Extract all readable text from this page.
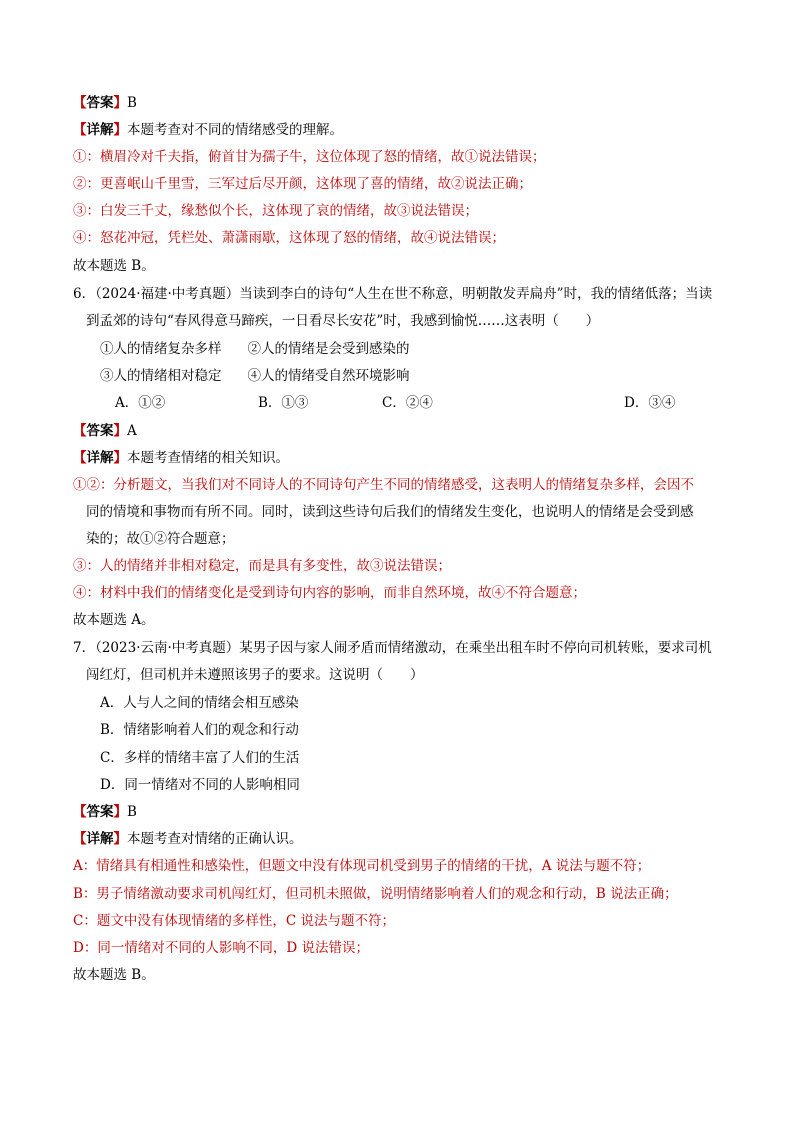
【答案】B
【详解】本题考查对不同的情绪感受的理解。
①：横眉冷对千夫指，俯首甘为孺子牛，这位体现了怒的情绪，故①说法错误；
②：更喜岷山千里雪，三军过后尽开颜，这体现了喜的情绪，故②说法正确；
③：白发三千丈，缘愁似个长，这体现了哀的情绪，故③说法错误；
④：怒花冲冠，凭栏处、萧潇雨歇，这体现了怒的情绪，故④说法错误；
故本题选 B。
6．（2024·福建·中考真题）当读到李白的诗句“人生在世不称意，明朝散发弄扁舟”时，我的情绪低落；当读
到孟郊的诗句“春风得意马蹄疾，一日看尽长安花”时，我感到愉悦……这表明（　　）
①人的情绪复杂多样 ②人的情绪是会受到感染的
③人的情绪相对稳定 ④人的情绪受自然环境影响
A．①②	B．①③	C．②④	D．③④
【答案】A
【详解】本题考查情绪的相关知识。
①②：分析题文，当我们对不同诗人的不同诗句产生不同的情绪感受，这表明人的情绪复杂多样，会因不
同的情境和事物而有所不同。同时，读到这些诗句后我们的情绪发生变化，也说明人的情绪是会受到感
染的；故①②符合题意；
③：人的情绪并非相对稳定，而是具有多变性，故③说法错误；
④：材料中我们的情绪变化是受到诗句内容的影响，而非自然环境，故④不符合题意；
故本题选 A。
7．（2023·云南·中考真题）某男子因与家人闹矛盾而情绪激动，在乘坐出租车时不停向司机转账，要求司机
闯红灯，但司机并未遵照该男子的要求。这说明（　　）
A．人与人之间的情绪会相互感染
B．情绪影响着人们的观念和行动
C．多样的情绪丰富了人们的生活
D．同一情绪对不同的人影响相同
【答案】B
【详解】本题考查对情绪的正确认识。
A：情绪具有相通性和感染性，但题文中没有体现司机受到男子的情绪的干扰，A 说法与题不符；
B：男子情绪激动要求司机闯红灯，但司机未照做，说明情绪影响着人们的观念和行动，B 说法正确；
C：题文中没有体现情绪的多样性，C 说法与题不符；
D：同一情绪对不同的人影响不同，D 说法错误；
故本题选 B。
